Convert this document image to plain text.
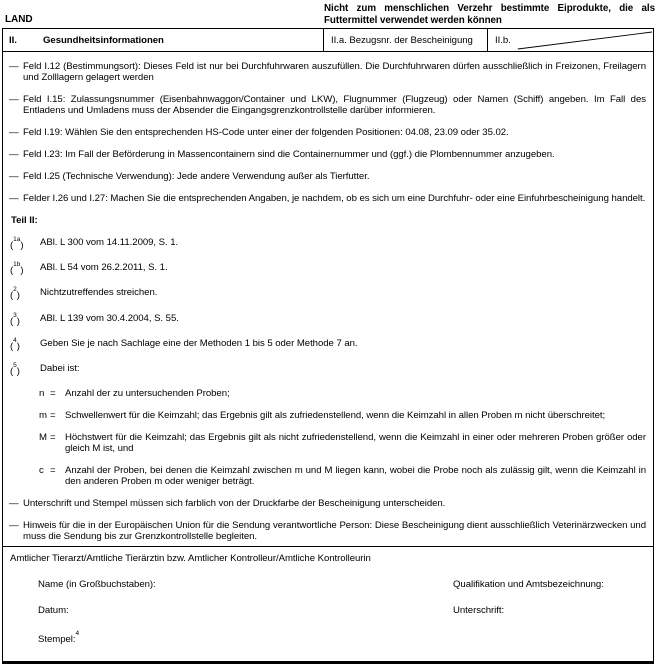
LAND
Nicht zum menschlichen Verzehr bestimmte Eiprodukte, die als Futtermittel verwendet werden können
II.	Gesundheitsinformationen	II.a. Bezugsnr. der Bescheinigung	II.b.
— Feld I.12 (Bestimmungsort): Dieses Feld ist nur bei Durchfuhrwaren auszufüllen. Die Durchfuhrwaren dürfen ausschließlich in Freizonen, Freilagern und Zolllagern gelagert werden
— Feld I.15: Zulassungsnummer (Eisenbahnwaggon/Container und LKW), Flugnummer (Flugzeug) oder Namen (Schiff) angeben. Im Fall des Entladens und Umladens muss der Absender die Eingangsgrenzkontrollstelle darüber informieren.
— Feld I.19: Wählen Sie den entsprechenden HS-Code unter einer der folgenden Positionen: 04.08, 23.09 oder 35.02.
— Feld I.23: Im Fall der Beförderung in Massencontainern sind die Containernummer und (ggf.) die Plombennummer anzugeben.
— Feld I.25 (Technische Verwendung): Jede andere Verwendung außer als Tierfutter.
— Felder I.26 und I.27: Machen Sie die entsprechenden Angaben, je nachdem, ob es sich um eine Durchfuhr- oder eine Einfuhrbescheinigung handelt.
Teil II:
($^{1a}$)	ABl. L 300 vom 14.11.2009, S. 1.
($^{1b}$)	ABl. L 54 vom 26.2.2011, S. 1.
($^2$)	Nichtzutreffendes streichen.
($^3$)	ABl. L 139 vom 30.4.2004, S. 55.
($^4$)	Geben Sie je nach Sachlage eine der Methoden 1 bis 5 oder Methode 7 an.
($^5$)	Dabei ist:
n = Anzahl der zu untersuchenden Proben;
m = Schwellenwert für die Keimzahl; das Ergebnis gilt als zufriedenstellend, wenn die Keimzahl in allen Proben m nicht überschreitet;
M = Höchstwert für die Keimzahl; das Ergebnis gilt als nicht zufriedenstellend, wenn die Keimzahl in einer oder mehreren Proben größer oder gleich M ist, und
c = Anzahl der Proben, bei denen die Keimzahl zwischen m und M liegen kann, wobei die Probe noch als zulässig gilt, wenn die Keimzahl in den anderen Proben m oder weniger beträgt.
— Unterschrift und Stempel müssen sich farblich von der Druckfarbe der Bescheinigung unterscheiden.
— Hinweis für die in der Europäischen Union für die Sendung verantwortliche Person: Diese Bescheinigung dient ausschließlich Veterinärzwecken und muss die Sendung bis zur Grenzkontrollstelle begleiten.
Amtlicher Tierarzt/Amtliche Tierärztin bzw. Amtlicher Kontrolleur/Amtliche Kontrolleurin
Name (in Großbuchstaben):	Qualifikation und Amtsbezeichnung:
Datum:	Unterschrift:
Stempel:$^4$
